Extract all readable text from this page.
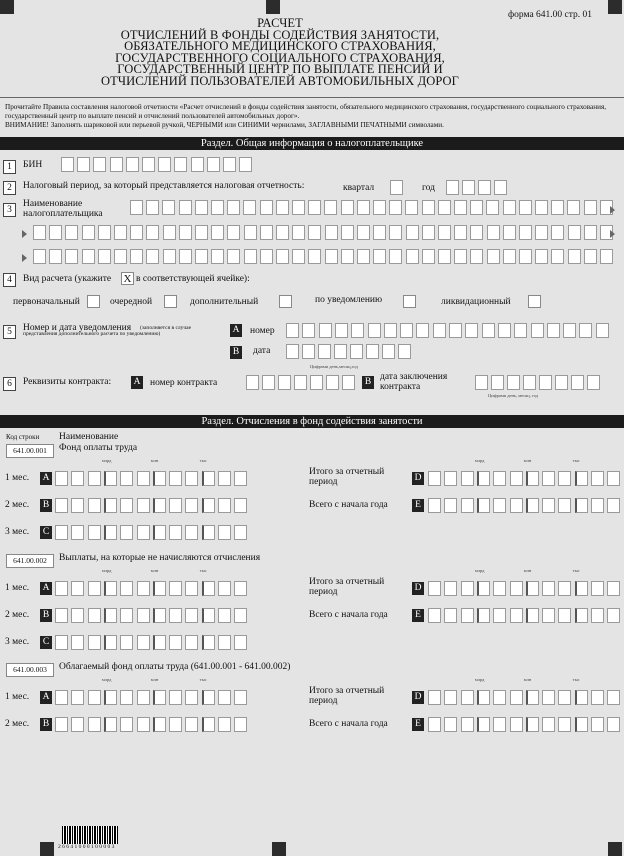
форма 641.00 стр. 01
РАСЧЕТ
ОТЧИСЛЕНИЙ В ФОНДЫ СОДЕЙСТВИЯ ЗАНЯТОСТИ,
ОБЯЗАТЕЛЬНОГО МЕДИЦИНСКОГО СТРАХОВАНИЯ,
ГОСУДАРСТВЕННОГО СОЦИАЛЬНОГО СТРАХОВАНИЯ,
ГОСУДАРСТВЕННЫЙ ЦЕНТР ПО ВЫПЛАТЕ ПЕНСИЙ И
ОТЧИСЛЕНИЙ ПОЛЬЗОВАТЕЛЕЙ АВТОМОБИЛЬНЫХ ДОРОГ
Прочитайте Правила составления налоговой отчетности «Расчет отчислений в фонды содействия занятости, обязательного медицинского страхования, государственного социального страхования, государственный центр по выплате пенсий и отчислений пользователей автомобильных дорог».
ВНИМАНИЕ! Заполнять шариковой или перьевой ручкой, ЧЕРНЫМИ или СИНИМИ чернилами, ЗАГЛАВНЫМИ ПЕЧАТНЫМИ символами.
Раздел. Общая информация о налогоплательщике
1	БИН
2	Налоговый период, за который представляется налоговая отчетность:	квартал	год
3
Наименование
налогоплательщика
4	Вид расчета (укажите X в соответствующей ячейке):
первоначальный	очередной	дополнительный	по уведомлению	ликвидационный
5	Номер и дата уведомления (заполняется в случае
представления дополнительного расчета по уведомлению)	A номер
B дата
Цифрами день,месяц,год
6	Реквизиты контракта: A номер контракта	B дата заключения
контракта
Цифрами день, месяц, год
Раздел. Отчисления в фонд содействия занятости
Код строки Наименование
641.00.001	Фонд оплаты труда
млрд	млн	тыс	млрд	млн	тыс
1 мес. A
2 мес. B
3 мес. C
Итого за отчетный
период	D
Всего с начала года	E
641.00.002	Выплаты, на которые не начисляются отчисления
млрд	млн	тыс	млрд	млн	тыс
1 мес. A
2 мес. B
3 мес. C
Итого за отчетный
период	D
Всего с начала года	E
641.00.003	Облагаемый фонд оплаты труда (641.00.001 - 641.00.002)
млрд	млн	тыс	млрд	млн	тыс
1 мес. A
2 мес. B
Итого за отчетный
период	D
Всего с начала года	E
2 6 6 4 1 0 0 0 1 0 0 0 0 3
